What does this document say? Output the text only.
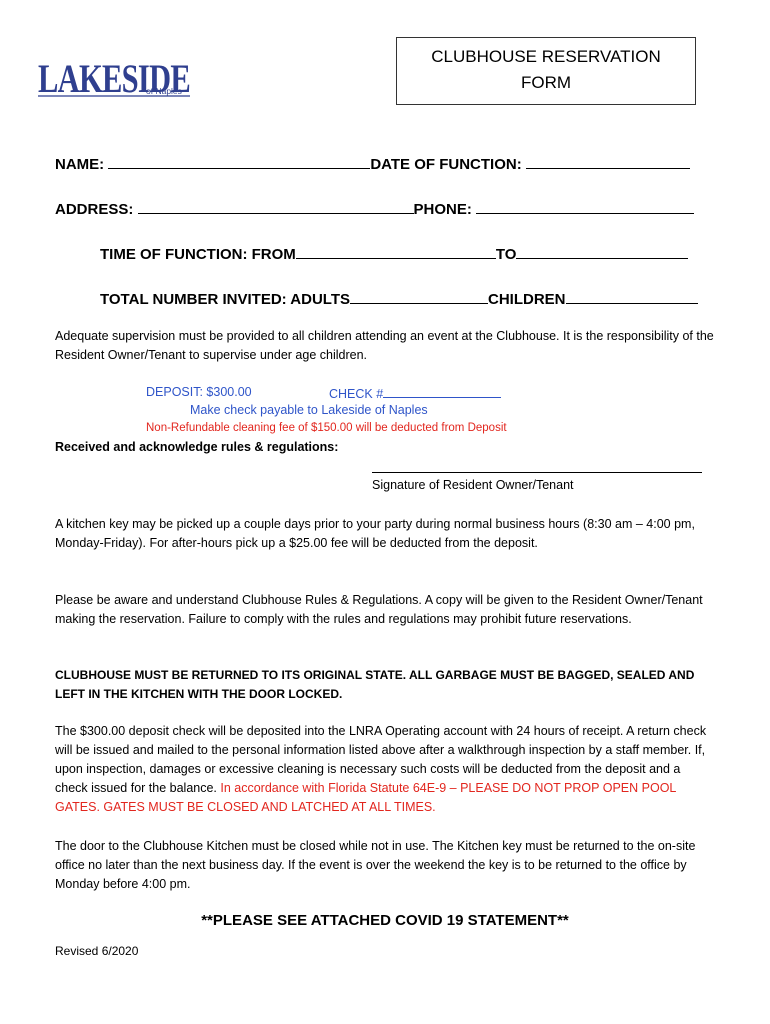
LAKESIDE
of Naples
CLUBHOUSE RESERVATION
FORM
NAME:	DATE OF FUNCTION:
ADDRESS:	PHONE:
TIME OF FUNCTION: FROM	TO
TOTAL NUMBER INVITED: ADULTS	CHILDREN
Adequate supervision must be provided to all children attending an event at the Clubhouse. It is the responsibility of the Resident Owner/Tenant to supervise under age children.
DEPOSIT: $300.00	CHECK #
Make check payable to Lakeside of Naples
Non-Refundable cleaning fee of $150.00 will be deducted from Deposit
Received and acknowledge rules & regulations:
Signature of Resident Owner/Tenant
A kitchen key may be picked up a couple days prior to your party during normal business hours (8:30 am – 4:00 pm, Monday-Friday). For after-hours pick up a $25.00 fee will be deducted from the deposit.
Please be aware and understand Clubhouse Rules & Regulations. A copy will be given to the Resident Owner/Tenant making the reservation. Failure to comply with the rules and regulations may prohibit future reservations.
CLUBHOUSE MUST BE RETURNED TO ITS ORIGINAL STATE. ALL GARBAGE MUST BE BAGGED, SEALED AND LEFT IN THE KITCHEN WITH THE DOOR LOCKED.
The $300.00 deposit check will be deposited into the LNRA Operating account with 24 hours of receipt. A return check will be issued and mailed to the personal information listed above after a walkthrough inspection by a staff member. If, upon inspection, damages or excessive cleaning is necessary such costs will be deducted from the deposit and a check issued for the balance. In accordance with Florida Statute 64E-9 – PLEASE DO NOT PROP OPEN POOL GATES. GATES MUST BE CLOSED AND LATCHED AT ALL TIMES.
The door to the Clubhouse Kitchen must be closed while not in use. The Kitchen key must be returned to the on-site office no later than the next business day. If the event is over the weekend the key is to be returned to the office by Monday before 4:00 pm.
**PLEASE SEE ATTACHED COVID 19 STATEMENT**
Revised 6/2020
